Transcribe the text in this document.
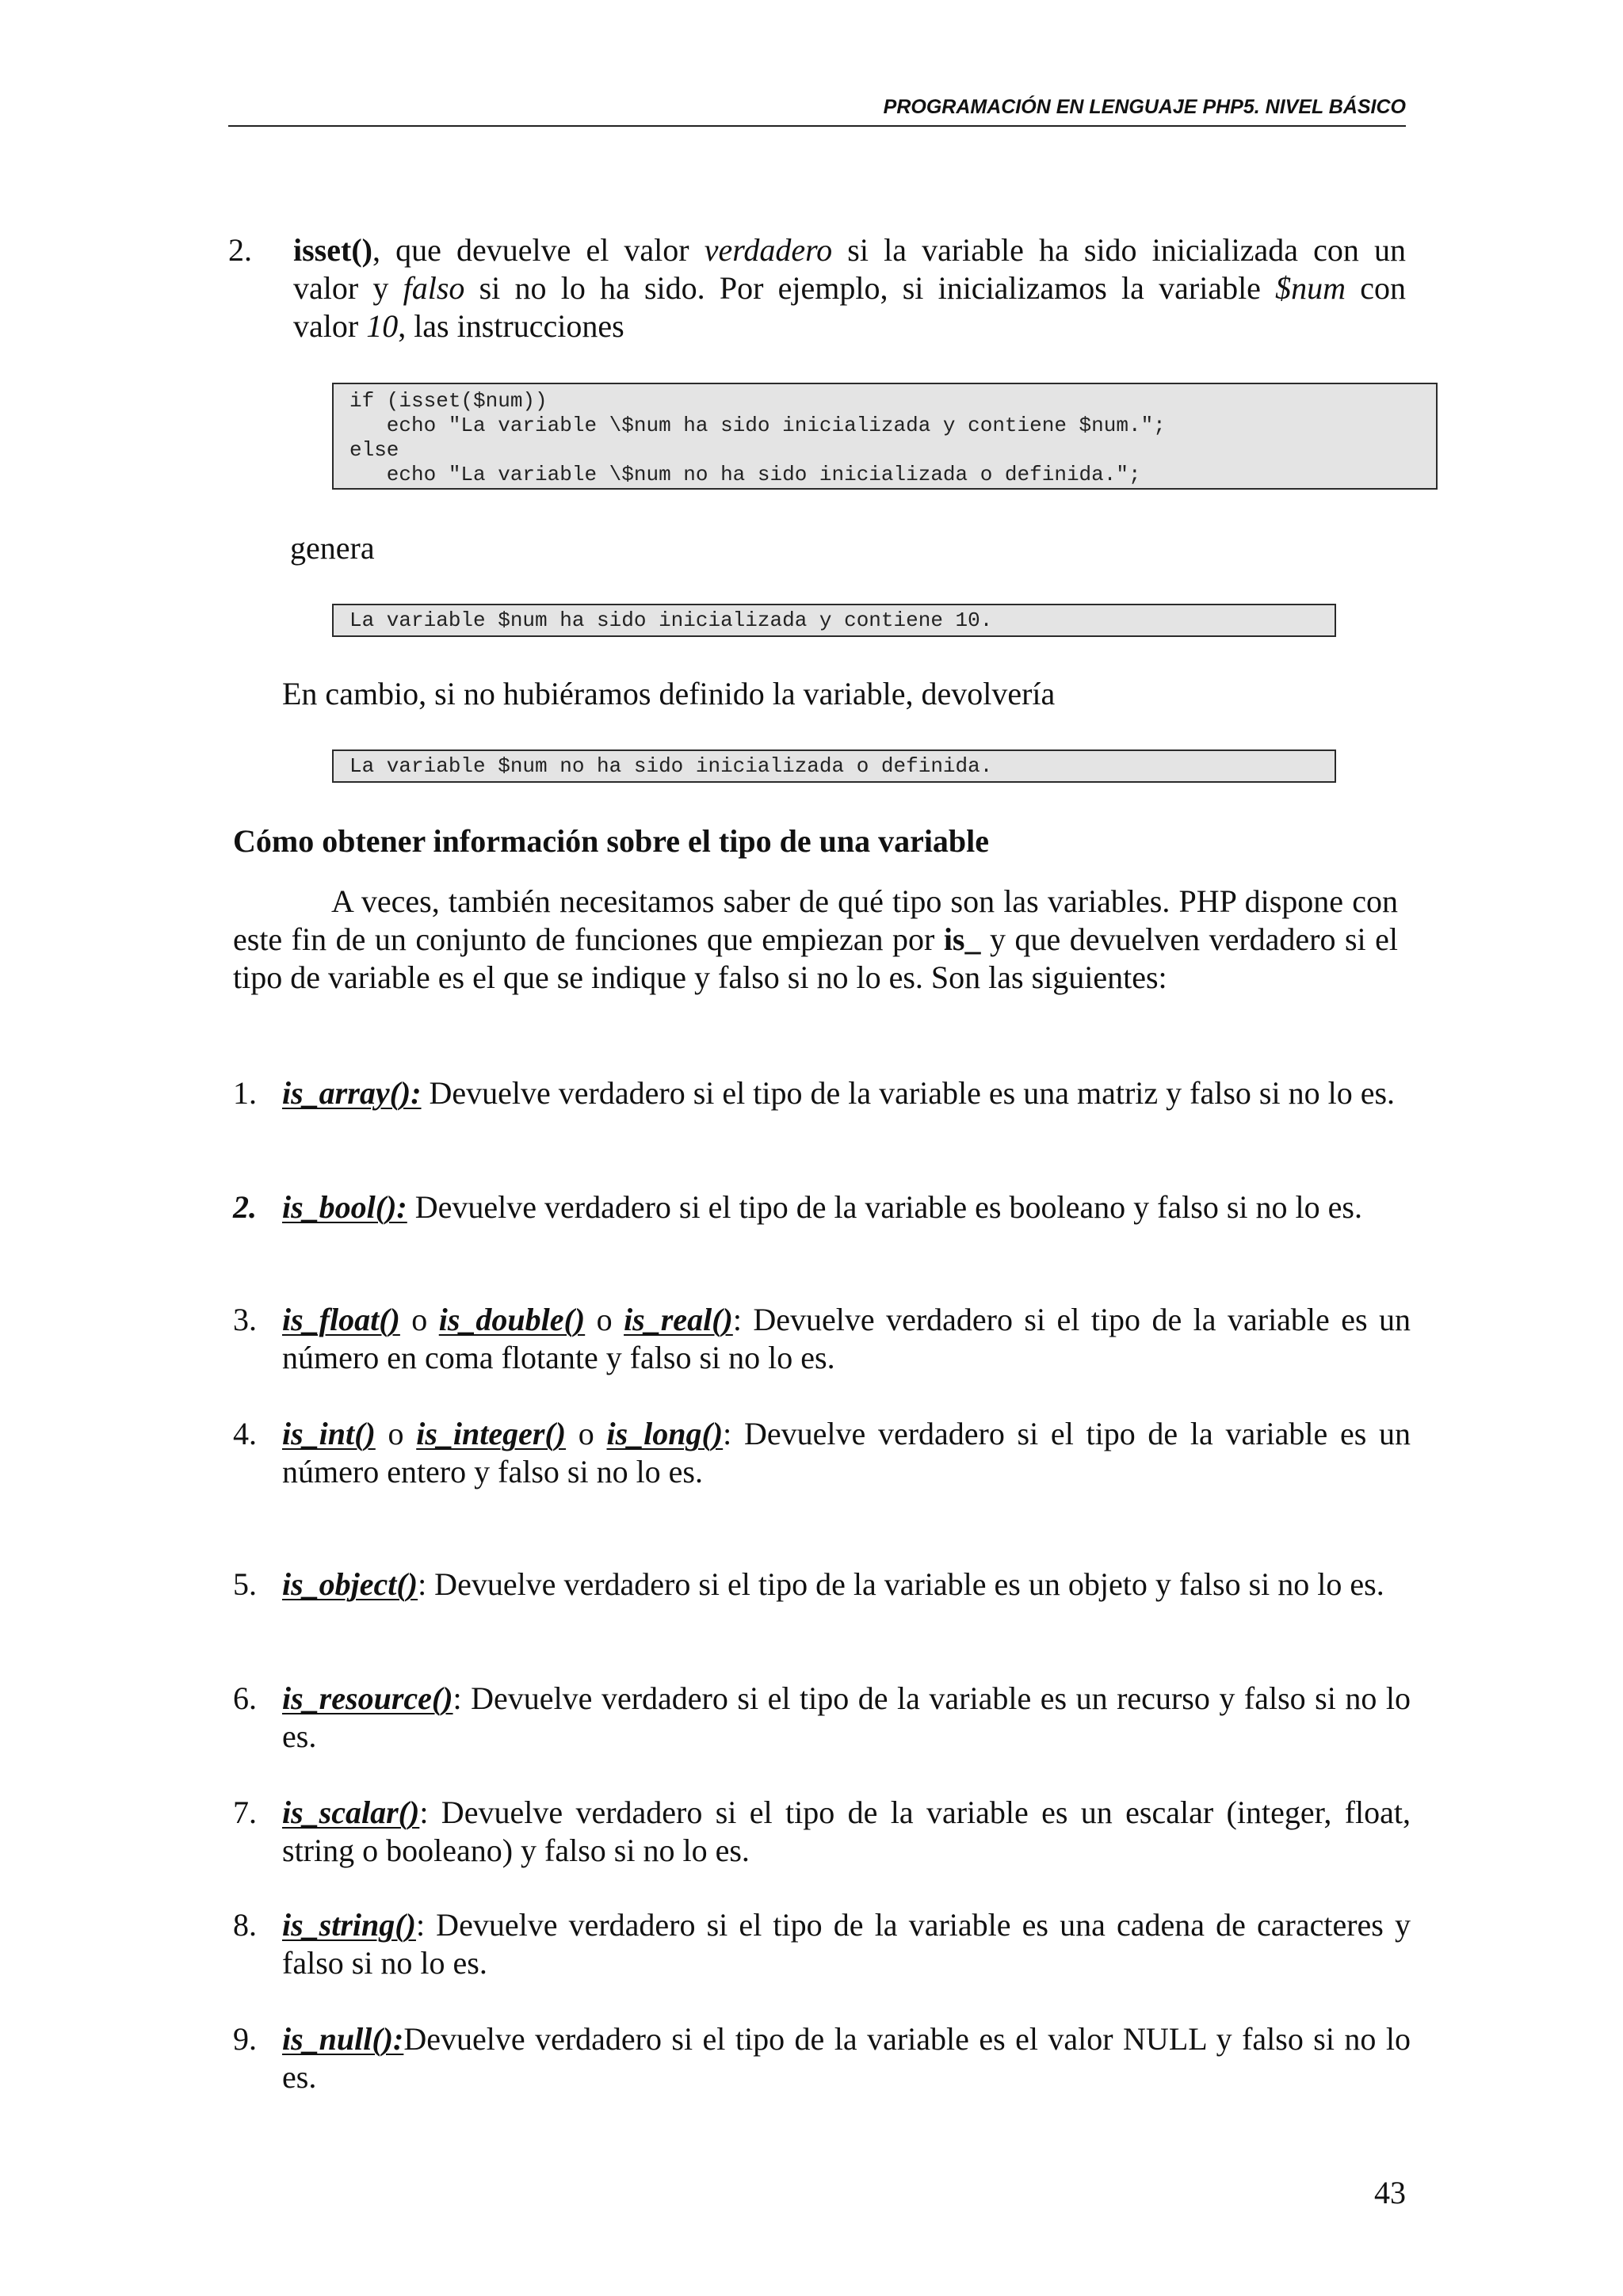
PROGRAMACIÓN EN LENGUAJE PHP5. NIVEL BÁSICO
2. isset(), que devuelve el valor verdadero si la variable ha sido inicializada con un
valor y falso si no lo ha sido. Por ejemplo, si inicializamos la variable $num con
valor 10, las instrucciones
if (isset($num))
echo "La variable \$num ha sido inicializada y contiene $num.";
else
echo "La variable \$num no ha sido inicializada o definida.";
genera
La variable $num ha sido inicializada y contiene 10.
En cambio, si no hubiéramos definido la variable, devolvería
La variable $num no ha sido inicializada o definida.
Cómo obtener información sobre el tipo de una variable
A veces, también necesitamos saber de qué tipo son las variables. PHP dispone con este fin de un conjunto de funciones que empiezan por is_ y que devuelven verdadero si el tipo de variable es el que se indique y falso si no lo es. Son las siguientes:
1. is_array(): Devuelve verdadero si el tipo de la variable es una matriz y falso si no lo es.
2. is_bool(): Devuelve verdadero si el tipo de la variable es booleano y falso si no lo es.
3. is_float() o is_double() o is_real(): Devuelve verdadero si el tipo de la variable es un número en coma flotante y falso si no lo es.
4. is_int() o is_integer() o is_long(): Devuelve verdadero si el tipo de la variable es un número entero y falso si no lo es.
5. is_object(): Devuelve verdadero si el tipo de la variable es un objeto y falso si no lo es.
6. is_resource(): Devuelve verdadero si el tipo de la variable es un recurso y falso si no lo es.
7. is_scalar(): Devuelve verdadero si el tipo de la variable es un escalar (integer, float, string o booleano) y falso si no lo es.
8. is_string(): Devuelve verdadero si el tipo de la variable es una cadena de caracteres y falso si no lo es.
9. is_null():Devuelve verdadero si el tipo de la variable es el valor NULL y falso si no lo es.
43
